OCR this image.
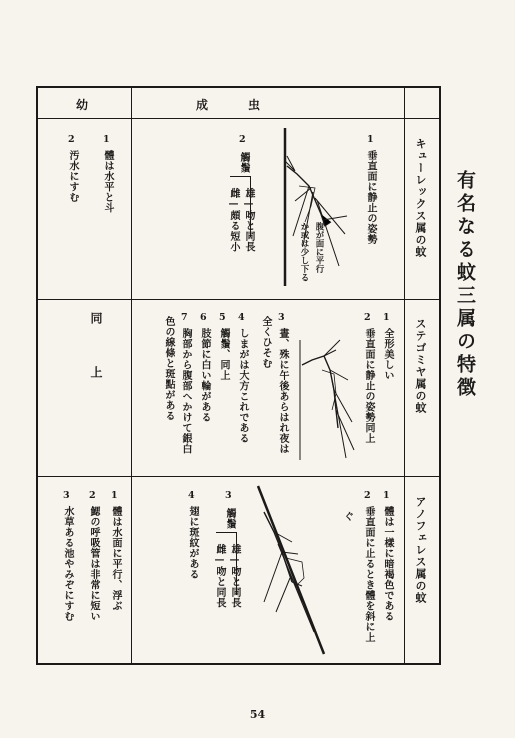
有名なる蚊三属の特徴
幼	成　　　虫
キューレックス属の蚊
ステゴミヤ属の蚊
アノフェレス属の蚊
1
垂直面に静止の姿勢
腹が面に平行
か或は少し下る
2
觸鬚
雄—吻と同長
雌—頗る短小
1
體は水平と斗
2
汚水にすむ
1
全形美しい
2
垂直面に静止の姿勢同上
3
晝、殊に午後あらはれ夜は
全くひそむ
4
しまがは大方これである
5
觸鬚、同上
6
肢節に白い輪がある
7
胸部から腹部へかけて銀白
色の線條と斑點がある
同　　上
1
體は一樣に暗褐色である
2
垂直面に止るとき體を斜に上
ぐ
3
觸鬚
雄—吻と同長
雌—吻と同長
4
翅に斑紋がある
1
體は水面に平行、浮ぶ
2
鰓の呼吸管は非常に短い
3
水草ある池やみぞにすむ
54
